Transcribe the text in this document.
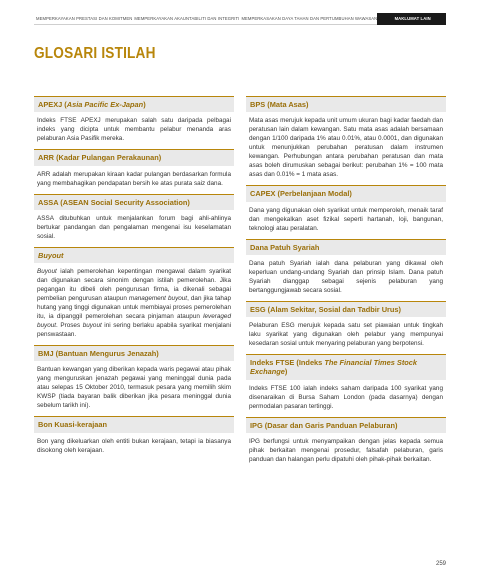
MEMPERKAYAKAN PRESTASI DAN KOMITMEN MEMPERKAYAKAN AKAUNTABILITI DAN INTEGRITI MEMPERKASAKAN DAYA TAHAN DAN PERTUMBUHAN WAWASAN	MAKLUMAT LAIN
GLOSARI ISTILAH
APEXJ (Asia Pacific Ex-Japan)
Indeks FTSE APEXJ merupakan salah satu daripada pelbagai indeks yang dicipta untuk membantu pelabur menanda aras pelaburan Asia Pasifik mereka.
ARR (Kadar Pulangan Perakaunan)
ARR adalah merupakan kiraan kadar pulangan berdasarkan formula yang membahagikan pendapatan bersih ke atas purata saiz dana.
ASSA (ASEAN Social Security Association)
ASSA ditubuhkan untuk menjalankan forum bagi ahli-ahlinya bertukar pandangan dan pengalaman mengenai isu keselamatan sosial.
Buyout
Buyout ialah pemerolehan kepentingan mengawal dalam syarikat dan digunakan secara sinonim dengan istilah pemerolehan. Jika pegangan itu dibeli oleh pengurusan firma, ia dikenali sebagai pembelian pengurusan ataupun management buyout, dan jika tahap hutang yang tinggi digunakan untuk membiayai proses pemerolehan itu, ia dipanggil pemerolehan secara pinjaman ataupun leveraged buyout. Proses buyout ini sering berlaku apabila syarikat menjalani penswastaan.
BMJ (Bantuan Mengurus Jenazah)
Bantuan kewangan yang diberikan kepada waris pegawai atau pihak yang menguruskan jenazah pegawai yang meninggal dunia pada atau selepas 15 Oktober 2010, termasuk pesara yang memilih skim KWSP (tiada bayaran balik diberikan jika pesara meninggal dunia sebelum tarikh ini).
Bon Kuasi-kerajaan
Bon yang dikeluarkan oleh entiti bukan kerajaan, tetapi ia biasanya disokong oleh kerajaan.
BPS (Mata Asas)
Mata asas merujuk kepada unit umum ukuran bagi kadar faedah dan peratusan lain dalam kewangan. Satu mata asas adalah bersamaan dengan 1/100 daripada 1% atau 0.01%, atau 0.0001, dan digunakan untuk menunjukkan perubahan peratusan dalam instrumen kewangan. Perhubungan antara perubahan peratusan dan mata asas boleh dirumuskan sebagai berikut: perubahan 1% = 100 mata asas dan 0.01% = 1 mata asas.
CAPEX (Perbelanjaan Modal)
Dana yang digunakan oleh syarikat untuk memperoleh, menaik taraf dan mengekalkan aset fizikal seperti hartanah, loji, bangunan, teknologi atau peralatan.
Dana Patuh Syariah
Dana patuh Syariah ialah dana pelaburan yang dikawal oleh keperluan undang-undang Syariah dan prinsip Islam. Dana patuh Syariah dianggap sebagai sejenis pelaburan yang bertanggungjawab secara sosial.
ESG (Alam Sekitar, Sosial dan Tadbir Urus)
Pelaburan ESG merujuk kepada satu set piawaian untuk tingkah laku syarikat yang digunakan oleh pelabur yang mempunyai kesedaran sosial untuk menyaring pelaburan yang berpotensi.
Indeks FTSE (Indeks The Financial Times Stock Exchange)
Indeks FTSE 100 ialah indeks saham daripada 100 syarikat yang disenaraikan di Bursa Saham London (pada dasarnya) dengan permodalan pasaran tertinggi.
IPG (Dasar dan Garis Panduan Pelaburan)
IPG berfungsi untuk menyampaikan dengan jelas kepada semua pihak berkaitan mengenai prosedur, falsafah pelaburan, garis panduan dan halangan perlu dipatuhi oleh pihak-pihak berkaitan.
259
